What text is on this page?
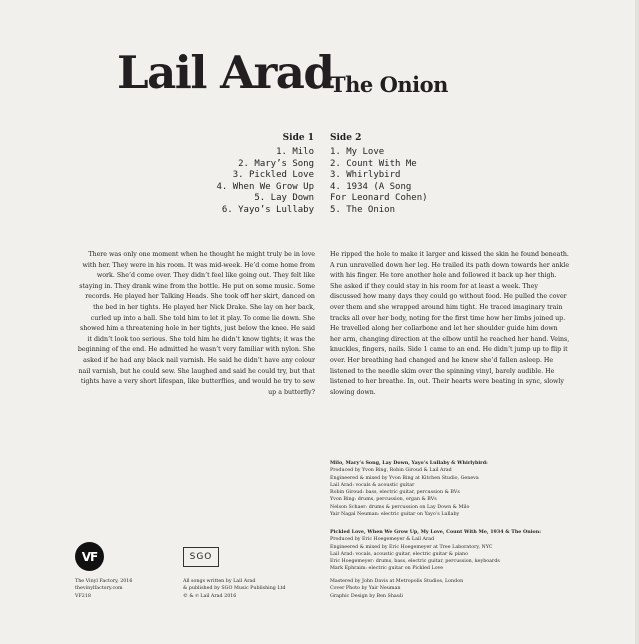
Lail Arad
The Onion
Side 1 Side 2
1. Milo
2. Mary’s Song
3. Pickled Love
4. When We Grow Up
5. Lay Down
6. Yayo’s Lullaby
1. My Love
2. Count With Me
3. Whirlybird
4. 1934 (A Song For Leonard Cohen)
5. The Onion

There was only one moment when he thought he might truly be in love with her. They were in his room. It was mid-week. He’d come home from work. She’d come over. They didn’t feel like going out. They felt like staying in. They drank wine from the bottle. He put on some music. Some records. He played her Talking Heads. She took off her skirt, danced on the bed in her tights. He played her Nick Drake. She lay on her back, curled up into a ball. She told him to let it play. To come lie down. She showed him a threatening hole in her tights, just below the knee. He said it didn’t look too serious. She told him he didn’t know tights; it was the beginning of the end. He admitted he wasn’t very familiar with nylon. She asked if he had any black nail varnish. He said he didn’t have any colour nail varnish, but he could sew. She laughed and said he could try, but that tights have a very short lifespan, like butterflies, and would he try to sew up a butterfly?

He ripped the hole to make it larger and kissed the skin he found beneath. A run unravelled down her leg. He trailed its path down towards her ankle with his finger. He tore another hole and followed it back up her thigh. She asked if they could stay in his room for at least a week. They discussed how many days they could go without food. He pulled the cover over them and she wrapped around him tight. He traced imaginary train tracks all over her body, noting for the first time how her limbs joined up. He travelled along her collarbone and let her shoulder guide him down her arm, changing direction at the elbow until he reached her hand. Veins, knuckles, fingers, nails. Side 1 came to an end. He didn’t jump up to flip it over. Her breathing had changed and he knew she’d fallen asleep. He listened to the needle skim over the spinning vinyl, barely audible. He listened to her breathe. In, out. Their hearts were beating in sync, slowly slowing down.

Milo, Mary’s Song, Lay Down, Yayo’s Lullaby & Whirlybird:
Produced by Yvon Bing, Robin Giroud & Lail Arad
Engineered & mixed by Yvon Bing at Kitchen Studio, Geneva
Lail Arad: vocals & acoustic guitar
Robin Giroud: bass, electric guitar, percussion & BVs
Yvon Bing: drums, percussion, organ & BVs
Nelson Schaer: drums & percussion on Lay Down & Milo
Yair Nagal Neuman: electric guitar on Yayo’s Lullaby
Pickled Love, When We Grow Up, My Love, Count With Me, 1934 & The Onion:
Produced by Eric Hoegemeyer & Lail Arad
Engineered & mixed by Eric Hoegemeyer at Tree Laboratory, NYC
Lail Arad: vocals, acoustic guitar, electric guitar & piano
Eric Hoegemeyer: drums, bass, electric guitar, percussion, keyboards
Mark Ephraim: electric guitar on Pickled Love
VF	SGO
The Vinyl Factory, 2016
thevinylfactory.com
VF218
All songs written by Lail Arad
& published by SGO Music Publishing Ltd
© & ℗ Lail Arad 2016
Mastered by John Davis at Metropolis Studios, London
Cover Photo by Yair Neuman
Graphic Design by Ben Shauli
